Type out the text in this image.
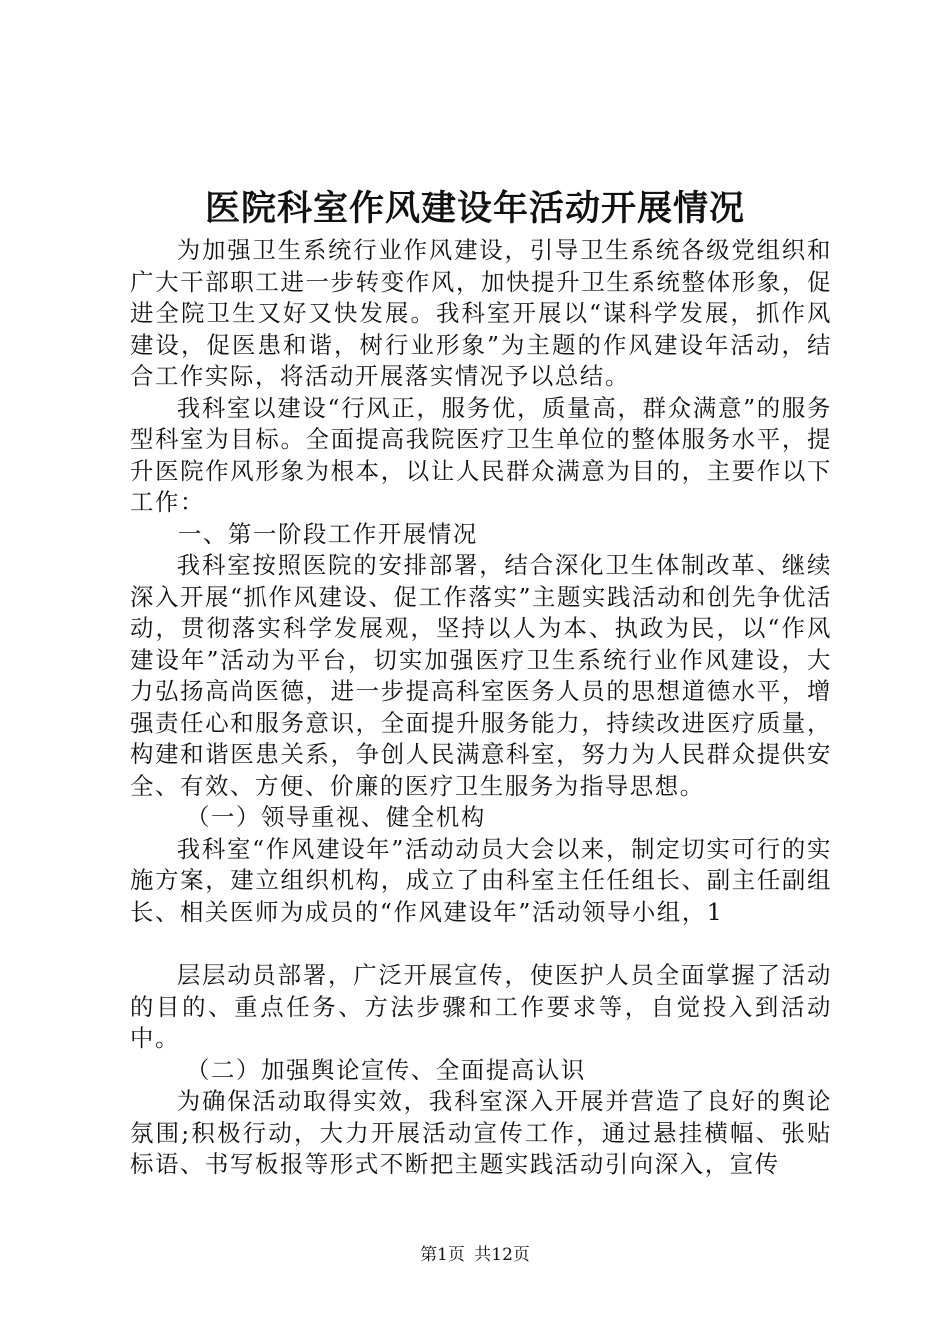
医院科室作风建设年活动开展情况

为加强卫生系统行业作风建设，引导卫生系统各级党组织和广大干部职工进一步转变作风，加快提升卫生系统整体形象，促进全院卫生又好又快发展。我科室开展以“谋科学发展，抓作风建设，促医患和谐，树行业形象”为主题的作风建设年活动，结合工作实际，将活动开展落实情况予以总结。

我科室以建设“行风正，服务优，质量高，群众满意”的服务型科室为目标。全面提高我院医疗卫生单位的整体服务水平，提升医院作风形象为根本，以让人民群众满意为目的，主要作以下工作：

一、第一阶段工作开展情况

我科室按照医院的安排部署，结合深化卫生体制改革、继续深入开展“抓作风建设、促工作落实”主题实践活动和创先争优活动，贯彻落实科学发展观，坚持以人为本、执政为民，以“作风建设年”活动为平台，切实加强医疗卫生系统行业作风建设，大力弘扬高尚医德，进一步提高科室医务人员的思想道德水平，增强责任心和服务意识，全面提升服务能力，持续改进医疗质量，构建和谐医患关系，争创人民满意科室，努力为人民群众提供安全、有效、方便、价廉的医疗卫生服务为指导思想。

（一）领导重视、健全机构

我科室“作风建设年”活动动员大会以来，制定切实可行的实施方案，建立组织机构，成立了由科室主任任组长、副主任副组长、相关医师为成员的“作风建设年”活动领导小组，1

层层动员部署，广泛开展宣传，使医护人员全面掌握了活动的目的、重点任务、方法步骤和工作要求等，自觉投入到活动中。

（二）加强舆论宣传、全面提高认识

为确保活动取得实效，我科室深入开展并营造了良好的舆论氛围;积极行动，大力开展活动宣传工作，通过悬挂横幅、张贴标语、书写板报等形式不断把主题实践活动引向深入，宣传

第1页 共12页
